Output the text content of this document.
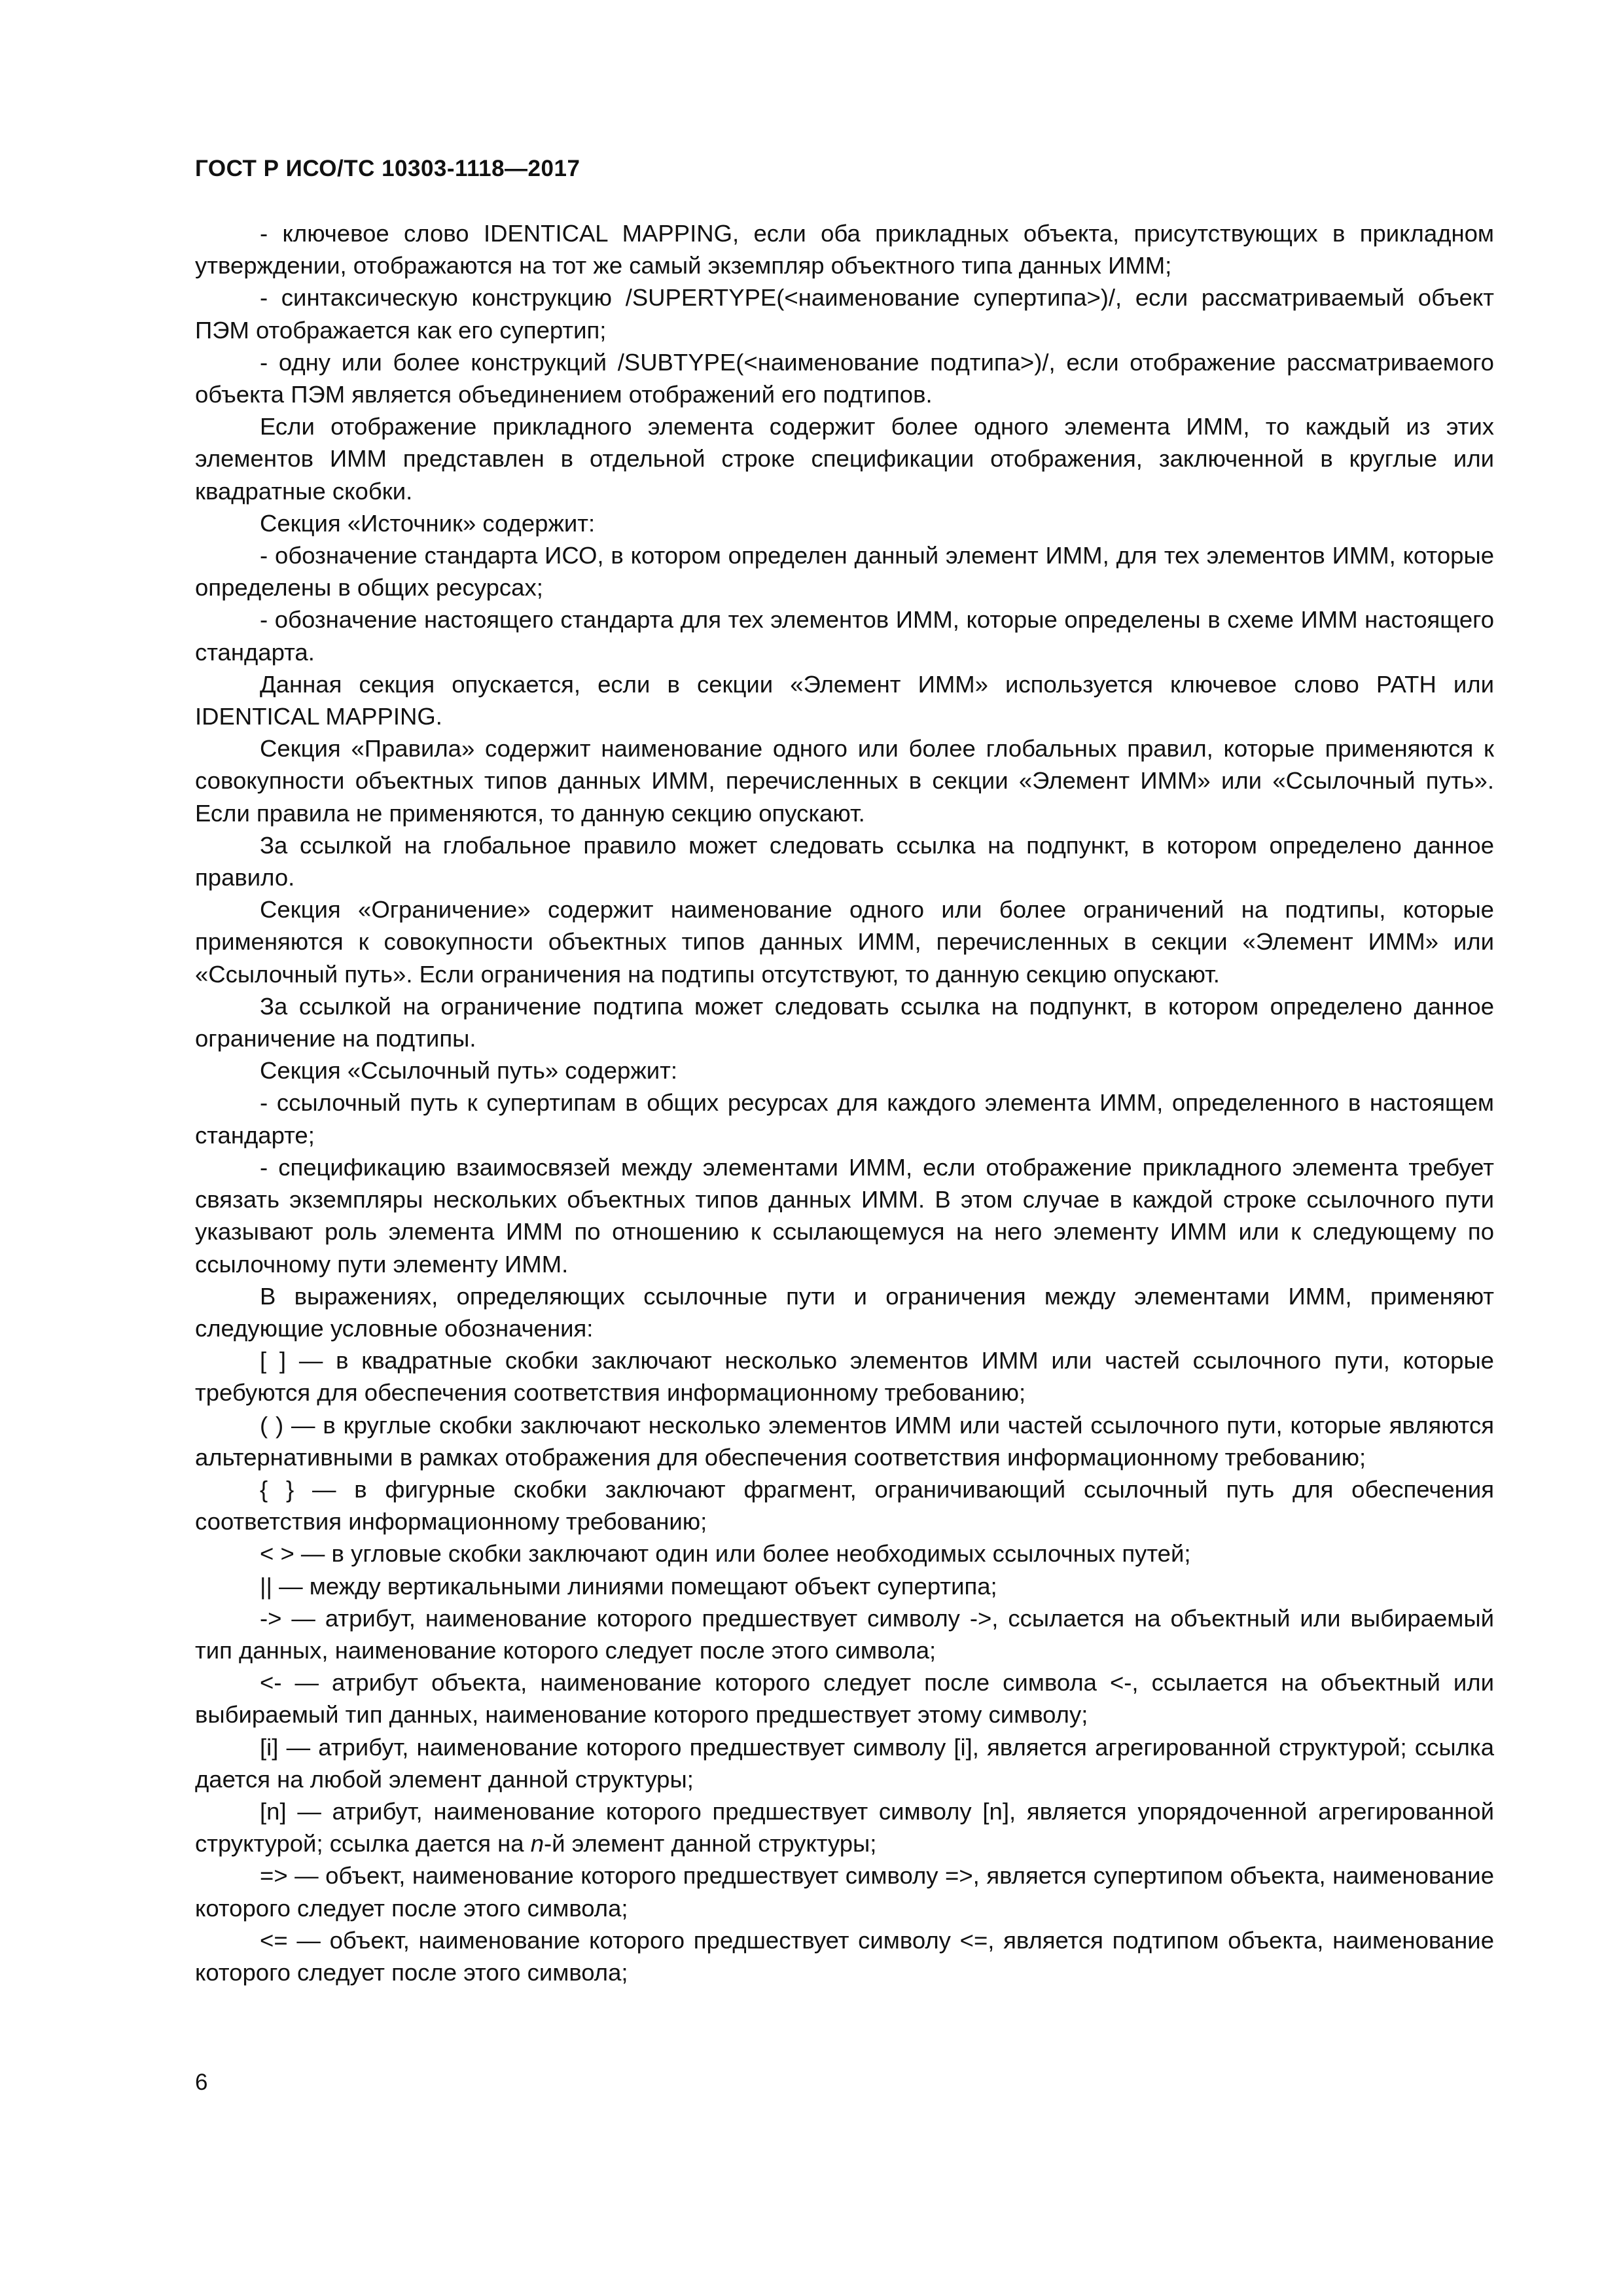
ГОСТ Р ИСО/ТС 10303-1118—2017

- ключевое слово IDENTICAL MAPPING, если оба прикладных объекта, присутствующих в прикладном утверждении, отображаются на тот же самый экземпляр объектного типа данных ИММ;

- синтаксическую конструкцию /SUPERTYPE(<наименование супертипа>)/, если рассматриваемый объект ПЭМ отображается как его супертип;

- одну или более конструкций /SUBTYPE(<наименование подтипа>)/, если отображение рассматриваемого объекта ПЭМ является объединением отображений его подтипов.

Если отображение прикладного элемента содержит более одного элемента ИММ, то каждый из этих элементов ИММ представлен в отдельной строке спецификации отображения, заключенной в круглые или квадратные скобки.

Секция «Источник» содержит:

- обозначение стандарта ИСО, в котором определен данный элемент ИММ, для тех элементов ИММ, которые определены в общих ресурсах;

- обозначение настоящего стандарта для тех элементов ИММ, которые определены в схеме ИММ настоящего стандарта.

Данная секция опускается, если в секции «Элемент ИММ» используется ключевое слово PATH или IDENTICAL MAPPING.

Секция «Правила» содержит наименование одного или более глобальных правил, которые применяются к совокупности объектных типов данных ИММ, перечисленных в секции «Элемент ИММ» или «Ссылочный путь». Если правила не применяются, то данную секцию опускают.

За ссылкой на глобальное правило может следовать ссылка на подпункт, в котором определено данное правило.

Секция «Ограничение» содержит наименование одного или более ограничений на подтипы, которые применяются к совокупности объектных типов данных ИММ, перечисленных в секции «Элемент ИММ» или «Ссылочный путь». Если ограничения на подтипы отсутствуют, то данную секцию опускают.

За ссылкой на ограничение подтипа может следовать ссылка на подпункт, в котором определено данное ограничение на подтипы.

Секция «Ссылочный путь» содержит:

- ссылочный путь к супертипам в общих ресурсах для каждого элемента ИММ, определенного в настоящем стандарте;

- спецификацию взаимосвязей между элементами ИММ, если отображение прикладного элемента требует связать экземпляры нескольких объектных типов данных ИММ. В этом случае в каждой строке ссылочного пути указывают роль элемента ИММ по отношению к ссылающемуся на него элементу ИММ или к следующему по ссылочному пути элементу ИММ.

В выражениях, определяющих ссылочные пути и ограничения между элементами ИММ, применяют следующие условные обозначения:

[ ] — в квадратные скобки заключают несколько элементов ИММ или частей ссылочного пути, которые требуются для обеспечения соответствия информационному требованию;

( ) — в круглые скобки заключают несколько элементов ИММ или частей ссылочного пути, которые являются альтернативными в рамках отображения для обеспечения соответствия информационному требованию;

{ } — в фигурные скобки заключают фрагмент, ограничивающий ссылочный путь для обеспечения соответствия информационному требованию;

< > — в угловые скобки заключают один или более необходимых ссылочных путей;

|| — между вертикальными линиями помещают объект супертипа;

-> — атрибут, наименование которого предшествует символу ->, ссылается на объектный или выбираемый тип данных, наименование которого следует после этого символа;

<- — атрибут объекта, наименование которого следует после символа <-, ссылается на объектный или выбираемый тип данных, наименование которого предшествует этому символу;

[i] — атрибут, наименование которого предшествует символу [i], является агрегированной структурой; ссылка дается на любой элемент данной структуры;

[n] — атрибут, наименование которого предшествует символу [n], является упорядоченной агрегированной структурой; ссылка дается на n-й элемент данной структуры;

=> — объект, наименование которого предшествует символу =>, является супертипом объекта, наименование которого следует после этого символа;

<= — объект, наименование которого предшествует символу <=, является подтипом объекта, наименование которого следует после этого символа;

6
